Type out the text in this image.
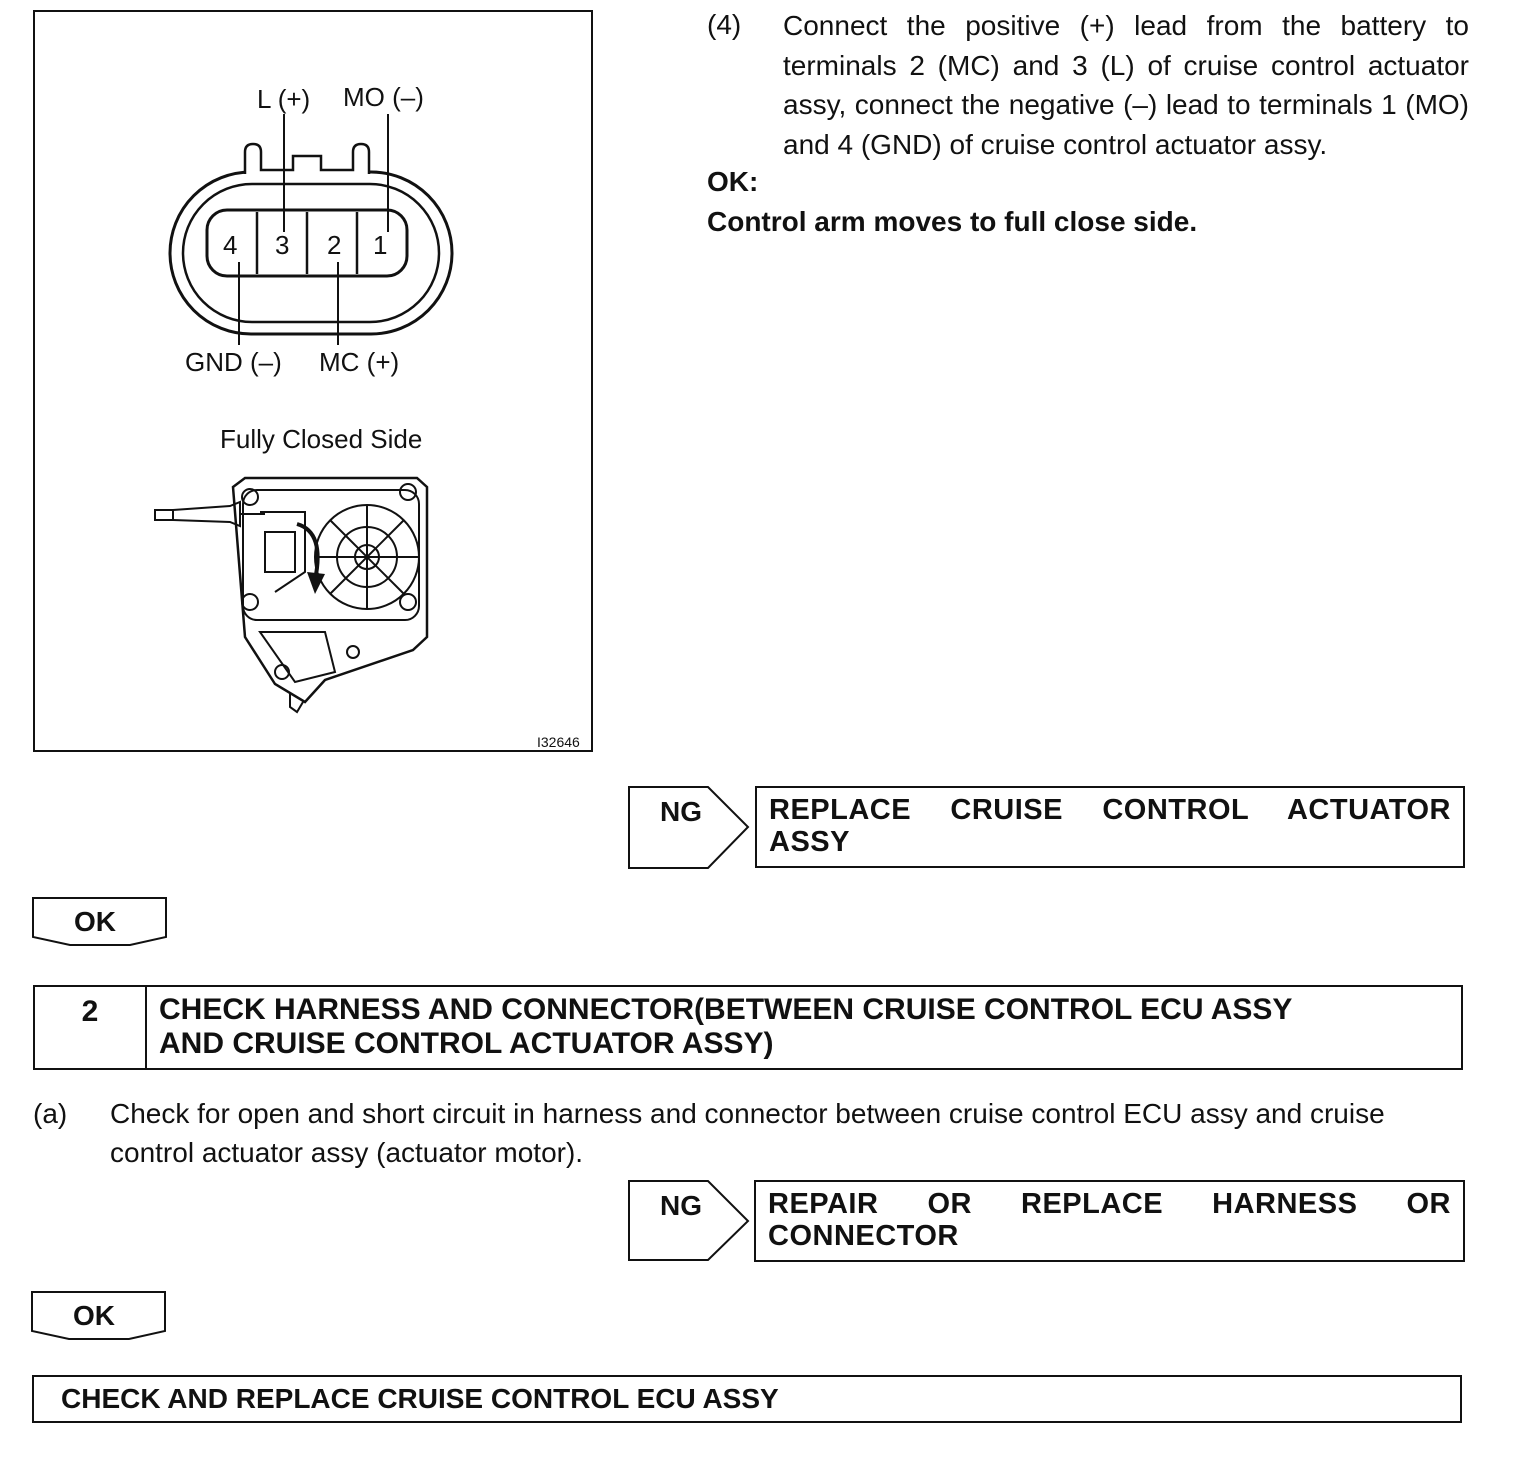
L (+) MO (–)
4 3 2 1
GND (–) MC (+)
Fully Closed Side
I32646
(4) Connect the positive (+) lead from the battery to terminals 2 (MC) and 3 (L) of cruise control actuator assy, connect the negative (–) lead to terminals 1 (MO) and 4 (GND) of cruise control actuator assy.
OK:
Control arm moves to full close side.
NG REPLACE CRUISE CONTROL ACTUATOR
ASSY
OK
2	CHECK HARNESS AND CONNECTOR(BETWEEN CRUISE CONTROL ECU ASSY
AND CRUISE CONTROL ACTUATOR ASSY)
(a) Check for open and short circuit in harness and connector between cruise control ECU assy and cruise
control actuator assy (actuator motor).
NG REPAIR OR REPLACE HARNESS OR
CONNECTOR
OK
CHECK AND REPLACE CRUISE CONTROL ECU ASSY
